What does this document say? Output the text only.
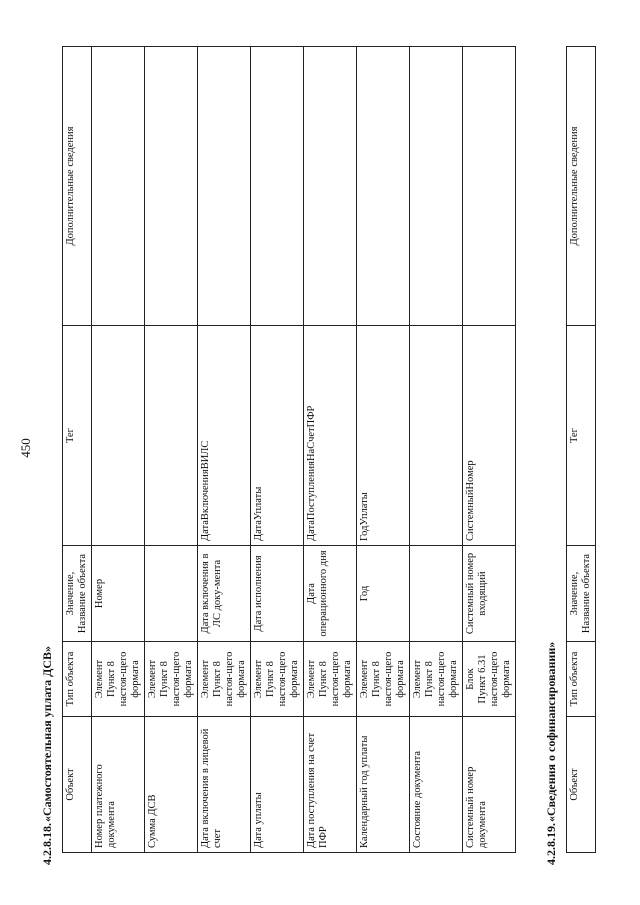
450
4.2.8.18. «Самостоятельная уплата ДСВ» Объект	Тип объекта	Значение, Название объекта	Тег	Дополнительные сведения
Номер платежного документа	Элемент Пункт 8 настоя-щего формата	Номер		
Сумма ДСВ	Элемент Пункт 8 настоя-щего формата			

Дата включения в лицевой счет	Элемент Пункт 8 настоя-щего формата	Дата включения в ЛС доку-мента	ДатаВключенияВИЛС	
Дата уплаты	Элемент Пункт 8 настоя-щего формата	Дата исполнения	ДатаУплаты	
Дата поступления на счет ПФР	Элемент Пункт 8 настоя-щего формата	Дата операционного дня	ДатаПоступленияНаСчетПФР	
Календарный год уплаты	Элемент Пункт 8 настоя-щего формата	Год	ГодУплаты	
Состояние документа	Элемент Пункт 8 настоя-щего формата			

Системный номер документа	Блок Пункт 6.31 настоя-щего формата	Системный номер входящий	СистемныйНомер	
4.2.8.19. «Сведения о софинансировании» Объект	Тип объекта	Значение, Название объекта	Тег	Дополнительные сведения
